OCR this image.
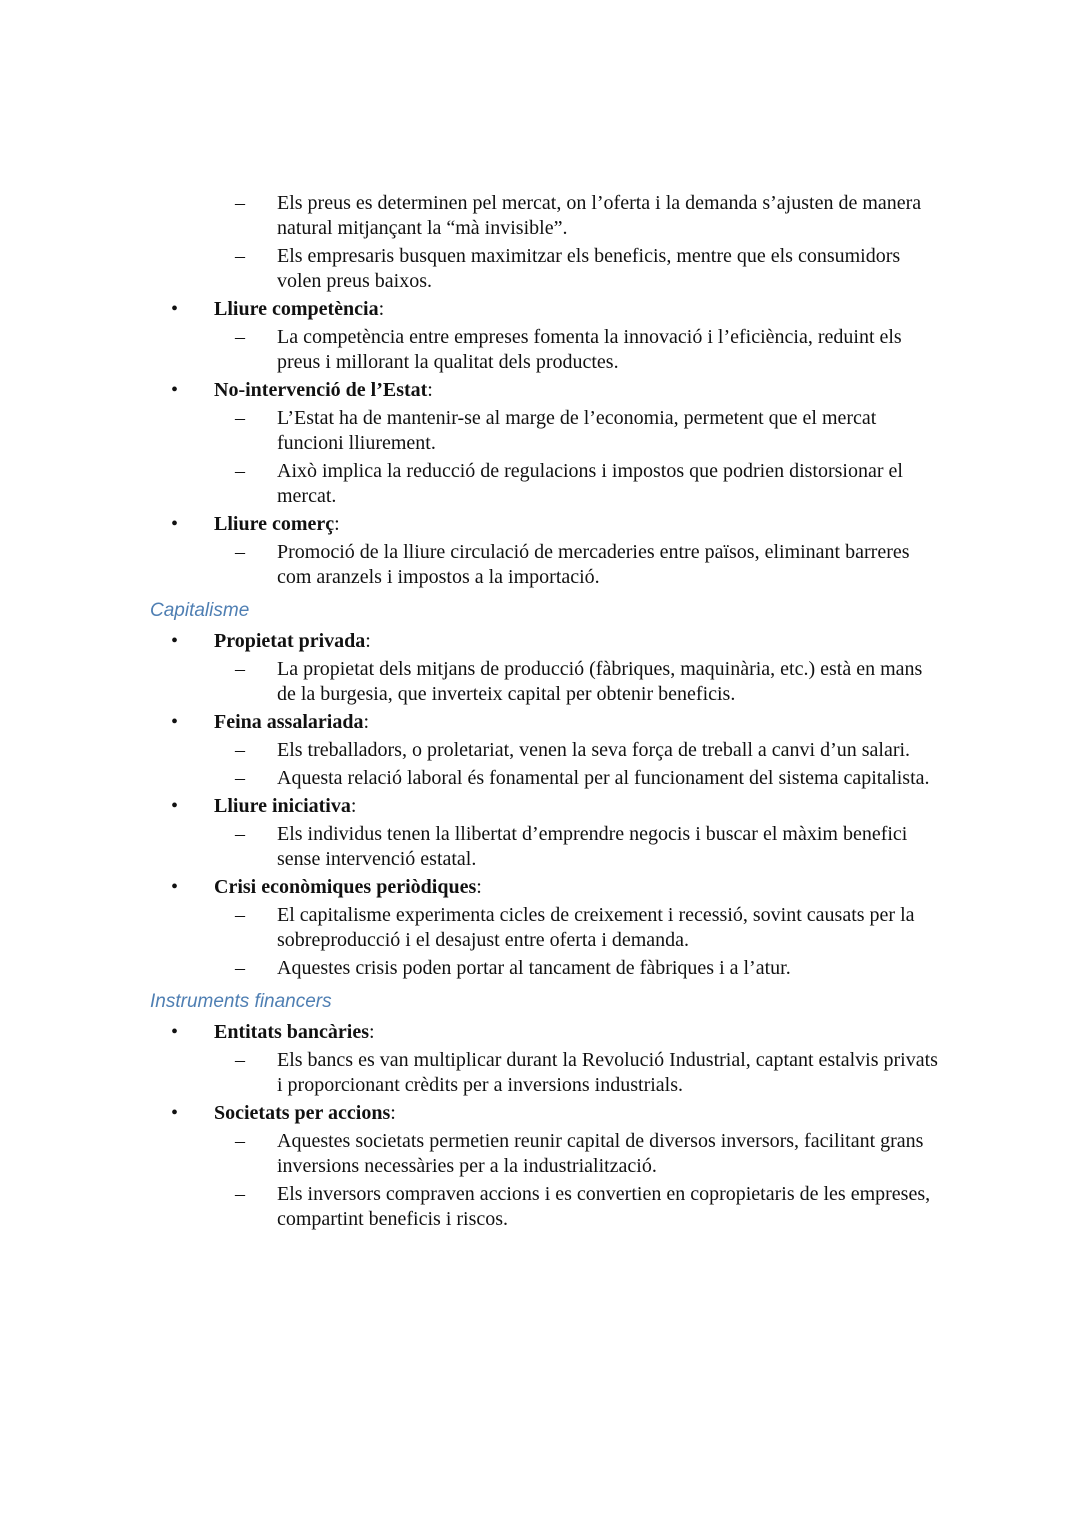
– Els preus es determinen pel mercat, on l’oferta i la demanda s’ajusten de manera natural mitjançant la “mà invisible”.
– Els empresaris busquen maximitzar els beneficis, mentre que els consumidors volen preus baixos.
• Lliure competència:
– La competència entre empreses fomenta la innovació i l’eficiència, reduint els preus i millorant la qualitat dels productes.
• No-intervenció de l’Estat:
– L’Estat ha de mantenir-se al marge de l’economia, permetent que el mercat funcioni lliurement.
– Això implica la reducció de regulacions i impostos que podrien distorsionar el mercat.
• Lliure comerç:
– Promoció de la lliure circulació de mercaderies entre països, eliminant barreres com aranzels i impostos a la importació.
Capitalisme
• Propietat privada:
– La propietat dels mitjans de producció (fàbriques, maquinària, etc.) està en mans de la burgesia, que inverteix capital per obtenir beneficis.
• Feina assalariada:
– Els treballadors, o proletariat, venen la seva força de treball a canvi d’un salari.
– Aquesta relació laboral és fonamental per al funcionament del sistema capitalista.
• Lliure iniciativa:
– Els individus tenen la llibertat d’emprendre negocis i buscar el màxim benefici sense intervenció estatal.
• Crisi econòmiques periòdiques:
– El capitalisme experimenta cicles de creixement i recessió, sovint causats per la sobreproducció i el desajust entre oferta i demanda.
– Aquestes crisis poden portar al tancament de fàbriques i a l’atur.
Instruments financers
• Entitats bancàries:
– Els bancs es van multiplicar durant la Revolució Industrial, captant estalvis privats i proporcionant crèdits per a inversions industrials.
• Societats per accions:
– Aquestes societats permetien reunir capital de diversos inversors, facilitant grans inversions necessàries per a la industrialització.
– Els inversors compraven accions i es convertien en copropietaris de les empreses, compartint beneficis i riscos.
